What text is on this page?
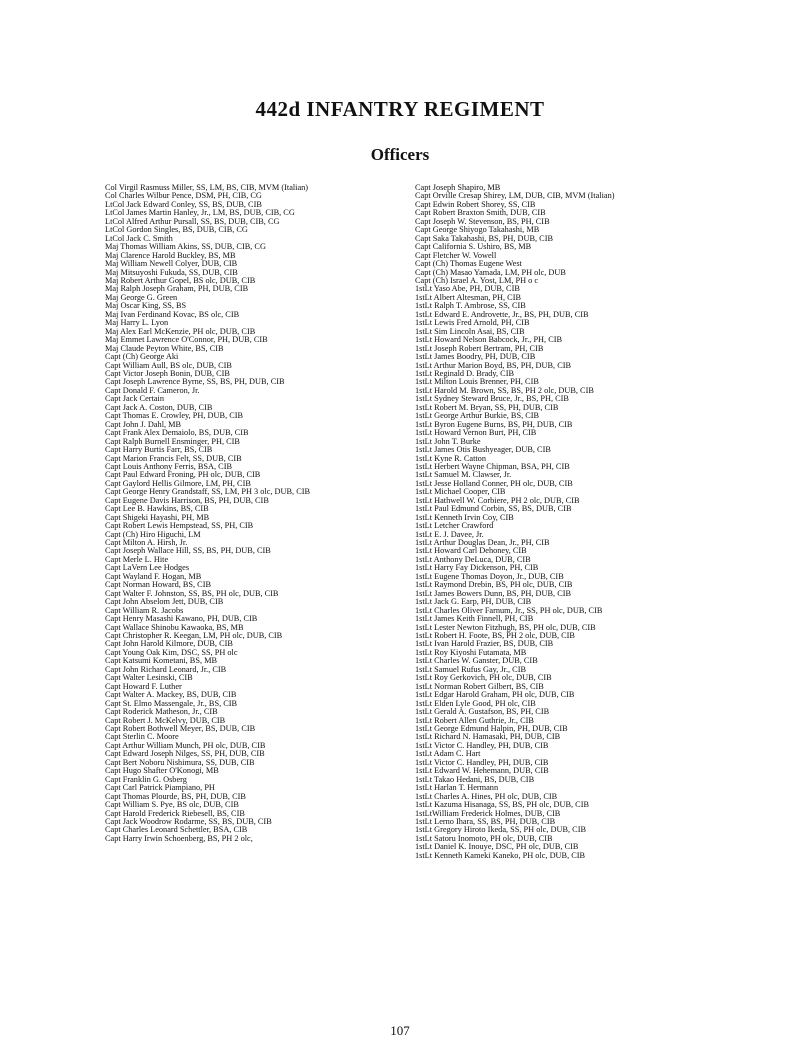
442d INFANTRY REGIMENT
Officers
Col Virgil Rasmuss Miller, SS, LM, BS, CIB, MVM (Italian)
Col Charles Wilbur Pence, DSM, PH, CIB, CG
LtCol Jack Edward Conley, SS, BS, DUB, CIB
LtCol James Martin Hanley, Jr., LM, BS, DUB, CIB, CG
LtCol Alfred Arthur Pursall, SS, BS, DUB, CIB, CG
LtCol Gordon Singles, BS, DUB, CIB, CG
LtCol Jack C. Smith
Maj Thomas William Akins, SS, DUB, CIB, CG
Maj Clarence Harold Buckley, BS, MB
Maj William Newell Colyer, DUB, CIB
Maj Mitsuyoshi Fukuda, SS, DUB, CIB
Maj Robert Arthur Gopel, BS olc, DUB, CIB
Maj Ralph Joseph Graham, PH, DUB, CIB
Maj George G. Green
Maj Oscar King, SS, BS
Maj Ivan Ferdinand Kovac, BS olc, CIB
Maj Harry L. Lyon
Maj Alex Earl McKenzie, PH olc, DUB, CIB
Maj Emmet Lawrence O'Connor, PH, DUB, CIB
Maj Claude Peyton White, BS, CIB
Capt (Ch) George Aki
Capt William Aull, BS olc, DUB, CIB
Capt Victor Joseph Bonin, DUB, CIB
Capt Joseph Lawrence Byrne, SS, BS, PH, DUB, CIB
Capt Donald F. Cameron, Jr.
Capt Jack Certain
Capt Jack A. Coston, DUB, CIB
Capt Thomas E. Crowley, PH, DUB, CIB
Capt John J. Dahl, MB
Capt Frank Alex Demaiolo, BS, DUB, CIB
Capt Ralph Burnell Ensminger, PH, CIB
Capt Harry Burtis Farr, BS, CIB
Capt Marion Francis Felt, SS, DUB, CIB
Capt Louis Anthony Ferris, BSA, CIB
Capt Paul Edward Froning, PH olc, DUB, CIB
Capt Gaylord Hellis Gilmore, LM, PH, CIB
Capt George Henry Grandstaff, SS, LM, PH 3 olc, DUB, CIB
Capt Eugene Davis Harrison, BS, PH, DUB, CIB
Capt Lee B. Hawkins, BS, CIB
Capt Shigeki Hayashi, PH, MB
Capt Robert Lewis Hempstead, SS, PH, CIB
Capt (Ch) Hiro Higuchi, LM
Capt Milton A. Hirsh, Jr.
Capt Joseph Wallace Hill, SS, BS, PH, DUB, CIB
Capt Merle L. Hite
Capt LaVern Lee Hodges
Capt Wayland F. Hogan, MB
Capt Norman Howard, BS, CIB
Capt Walter F. Johnston, SS, BS, PH olc, DUB, CIB
Capt John Abselom Jett, DUB, CIB
Capt William R. Jacobs
Capt Henry Masashi Kawano, PH, DUB, CIB
Capt Wallace Shinobu Kawaoka, BS, MB
Capt Christopher R. Keegan, LM, PH olc, DUB, CIB
Capt John Harold Kilmore, DUB, CIB
Capt Young Oak Kim, DSC, SS, PH olc
Capt Katsumi Kometani, BS, MB
Capt John Richard Leonard, Jr., CIB
Capt Walter Lesinski, CIB
Capt Howard F. Luther
Capt Walter A. Mackey, BS, DUB, CIB
Capt St. Elmo Massengale, Jr., BS, CIB
Capt Roderick Matheson, Jr., CIB
Capt Robert J. McKelvy, DUB, CIB
Capt Robert Bothwell Meyer, BS, DUB, CIB
Capt Sterlin C. Moore
Capt Arthur William Munch, PH olc, DUB, CIB
Capt Edward Joseph Nilges, SS, PH, DUB, CIB
Capt Bert Noboru Nishimura, SS, DUB, CIB
Capt Hugo Shafter O'Konogi, MB
Capt Franklin G. Osberg
Capt Carl Patrick Piampiano, PH
Capt Thomas Plourde, BS, PH, DUB, CIB
Capt William S. Pye, BS olc, DUB, CIB
Capt Harold Frederick Riebesell, BS, CIB
Capt Jack Woodrow Rodarme, SS, BS, DUB, CIB
Capt Charles Leonard Schettler, BSA, CIB
Capt Harry Irwin Schoenberg, BS, PH 2 olc,
Capt Joseph Shapiro, MB
Capt Orville Cresap Shirey, LM, DUB, CIB, MVM (Italian)
Capt Edwin Robert Shorey, SS, CIB
Capt Robert Braxton Smith, DUB, CIB
Capt Joseph W. Stevenson, BS, PH, CIB
Capt George Shiyogo Takahashi, MB
Capt Saka Takahashi, BS, PH, DUB, CIB
Capt California S. Ushiro, BS, MB
Capt Fletcher W. Vowell
Capt (Ch) Thomas Eugene West
Capt (Ch) Masao Yamada, LM, PH olc, DUB
Capt (Ch) Israel A. Yost, LM, PH o c
1stLt Yaso Abe, PH, DUB, CIB
1stLt Albert Altesman, PH, CIB
1stLt Ralph T. Ambrose, SS, CIB
1stLt Edward E. Androvette, Jr., BS, PH, DUB, CIB
1stLt Lewis Fred Arnold, PH, CIB
1stLt Sim Lincoln Asai, BS, CIB
1stLt Howard Nelson Babcock, Jr., PH, CIB
1stLt Joseph Robert Bertram, PH, CIB
1stLt James Boodry, PH, DUB, CIB
1stLt Arthur Marion Boyd, BS, PH, DUB, CIB
1stLt Reginald D. Brady, CIB
1stLt Milton Louis Brenner, PH, CIB
1stLt Harold M. Brown, SS, BS, PH 2 olc, DUB, CIB
1stLt Sydney Steward Bruce, Jr., BS, PH, CIB
1stLt Robert M. Bryan, SS, PH, DUB, CIB
1stLt George Arthur Burkie, BS, CIB
1stLt Byron Eugene Burns, BS, PH, DUB, CIB
1stLt Howard Vernon Burt, PH, CIB
1stLt John T. Burke
1stLt James Otis Bushyeager, DUB, CIB
1stLt Kyne R. Catton
1stLt Herbert Wayne Chipman, BSA, PH, CIB
1stLt Samuel M. Clawser, Jr.
1stLt Jesse Holland Conner, PH olc, DUB, CIB
1stLt Michael Cooper, CIB
1stLt Hathwell W. Corbiere, PH 2 olc, DUB, CIB
1stLt Paul Edmund Corbin, SS, BS, DUB, CIB
1stLt Kenneth Irvin Coy, CIB
1stLt Letcher Crawford
1stLt E. J. Davee, Jr.
1stLt Arthur Douglas Dean, Jr., PH, CIB
1stLt Howard Carl Dehoney, CIB
1stLt Anthony DeLuca, DUB, CIB
1stLt Harry Fay Dickenson, PH, CIB
1stLt Eugene Thomas Doyon, Jr., DUB, CIB
1stLt Raymond Drebin, BS, PH olc, DUB, CIB
1stLt James Bowers Dunn, BS, PH, DUB, CIB
1stLt Jack G. Earp, PH, DUB, CIB
1stLt Charles Oliver Farnum, Jr., SS, PH olc, DUB, CIB
1stLt James Keith Finnell, PH, CIB
1stLt Lester Newton Fitzhugh, BS, PH olc, DUB, CIB
1stLt Robert H. Foote, BS, PH 2 olc, DUB, CIB
1stLt Ivan Harold Frazier, BS, DUB, CIB
1stLt Roy Kiyoshi Futamata, MB
1stLt Charles W. Ganster, DUB, CIB
1stLt Samuel Rufus Gay, Jr., CIB
1stLt Roy Gerkovich, PH olc, DUB, CIB
1stLt Norman Robert Gilbert, BS, CIB
1stLt Edgar Harold Graham, PH olc, DUB, CIB
1stLt Elden Lyle Good, PH olc, CIB
1stLt Gerald A. Gustafson, BS, PH, CIB
1stLt Robert Allen Guthrie, Jr., CIB
1stLt George Edmund Halpin, PH, DUB, CIB
1stLt Richard N. Hamasaki, PH, DUB, CIB
1stLt Victor C. Handley, PH, DUB, CIB
1stLt Adam C. Hart
1stLt Victor C. Handley, PH, DUB, CIB
1stLt Edward W. Hehemann, DUB, CIB
1stLt Takao Hedani, BS, DUB, CIB
1stLt Harlan T. Hermann
1stLt Charles A. Hines, PH olc, DUB, CIB
1stLt Kazuma Hisanaga, SS, BS, PH olc, DUB, CIB
1stLtWilliam Frederick Holmes, DUB, CIB
1stLt Lerno Ihara, SS, BS, PH, DUB, CIB
1stLt Gregory Hiroto Ikeda, SS, PH olc, DUB, CIB
1stLt Satoru Inomoto, PH olc, DUB, CIB
1stLt Daniel K. Inouye, DSC, PH olc, DUB, CIB
1stLt Kenneth Kameki Kaneko, PH olc, DUB, CIB
107
